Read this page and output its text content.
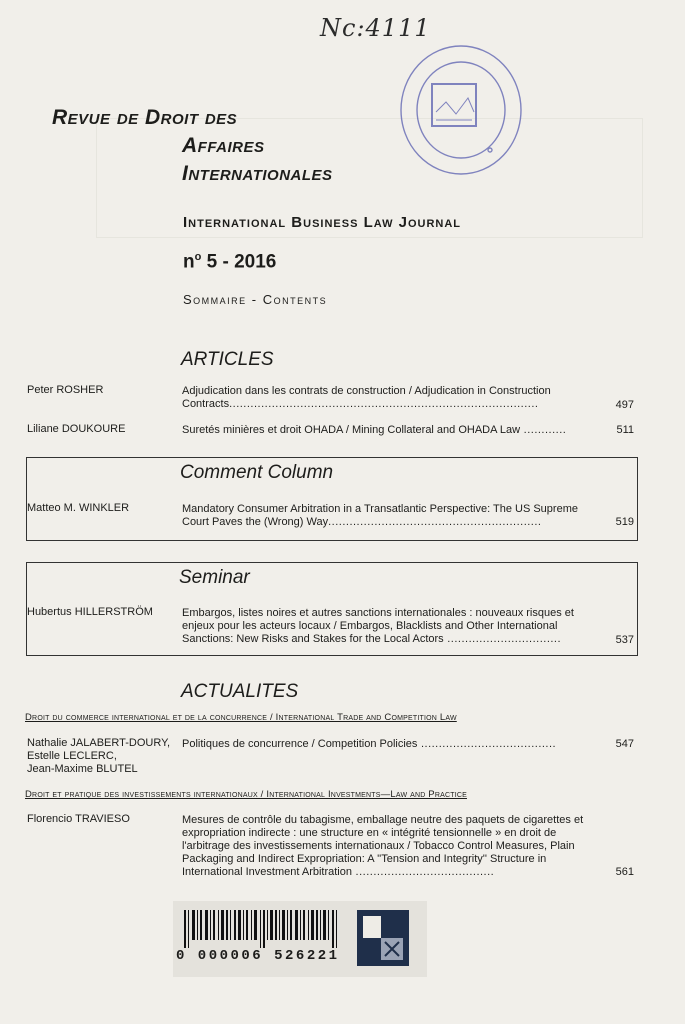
Nc:4111
Revue de Droit des
Affaires
Internationales
International Business Law Journal
$n^o$ 5 - 2016
Sommaire - Contents
ARTICLES
Peter ROSHER	Adjudication dans les contrats de construction / Adjudication in Construction Contracts.......................................................................................	497
Liliane DOUKOURE	Suretés minières et droit OHADA / Mining Collateral and OHADA Law ............	511
Comment Column
Matteo M. WINKLER	Mandatory Consumer Arbitration in a Transatlantic Perspective: The US Supreme Court Paves the (Wrong) Way............................................................	519
Seminar
Hubertus HILLERSTRÖM	Embargos, listes noires et autres sanctions internationales : nouveaux risques et enjeux pour les acteurs locaux / Embargos, Blacklists and Other International Sanctions: New Risks and Stakes for the Local Actors ................................	537
ACTUALITES
Droit du commerce international et de la concurrence / International Trade and Competition Law
Nathalie JALABERT-DOURY,
Estelle LECLERC,
Jean-Maxime BLUTEL
Politiques de concurrence / Competition Policies ......................................	547
Droit et pratique des investissements internationaux / International Investments—Law and Practice
Florencio TRAVIESO	Mesures de contrôle du tabagisme, emballage neutre des paquets de cigarettes et expropriation indirecte : une structure en « intégrité tensionnelle » en droit de l'arbitrage des investissements internationaux / Tobacco Control Measures, Plain Packaging and Indirect Expropriation: A ''Tension and Integrity'' Structure in International Investment Arbitration .......................................	561
0 000006 526221
